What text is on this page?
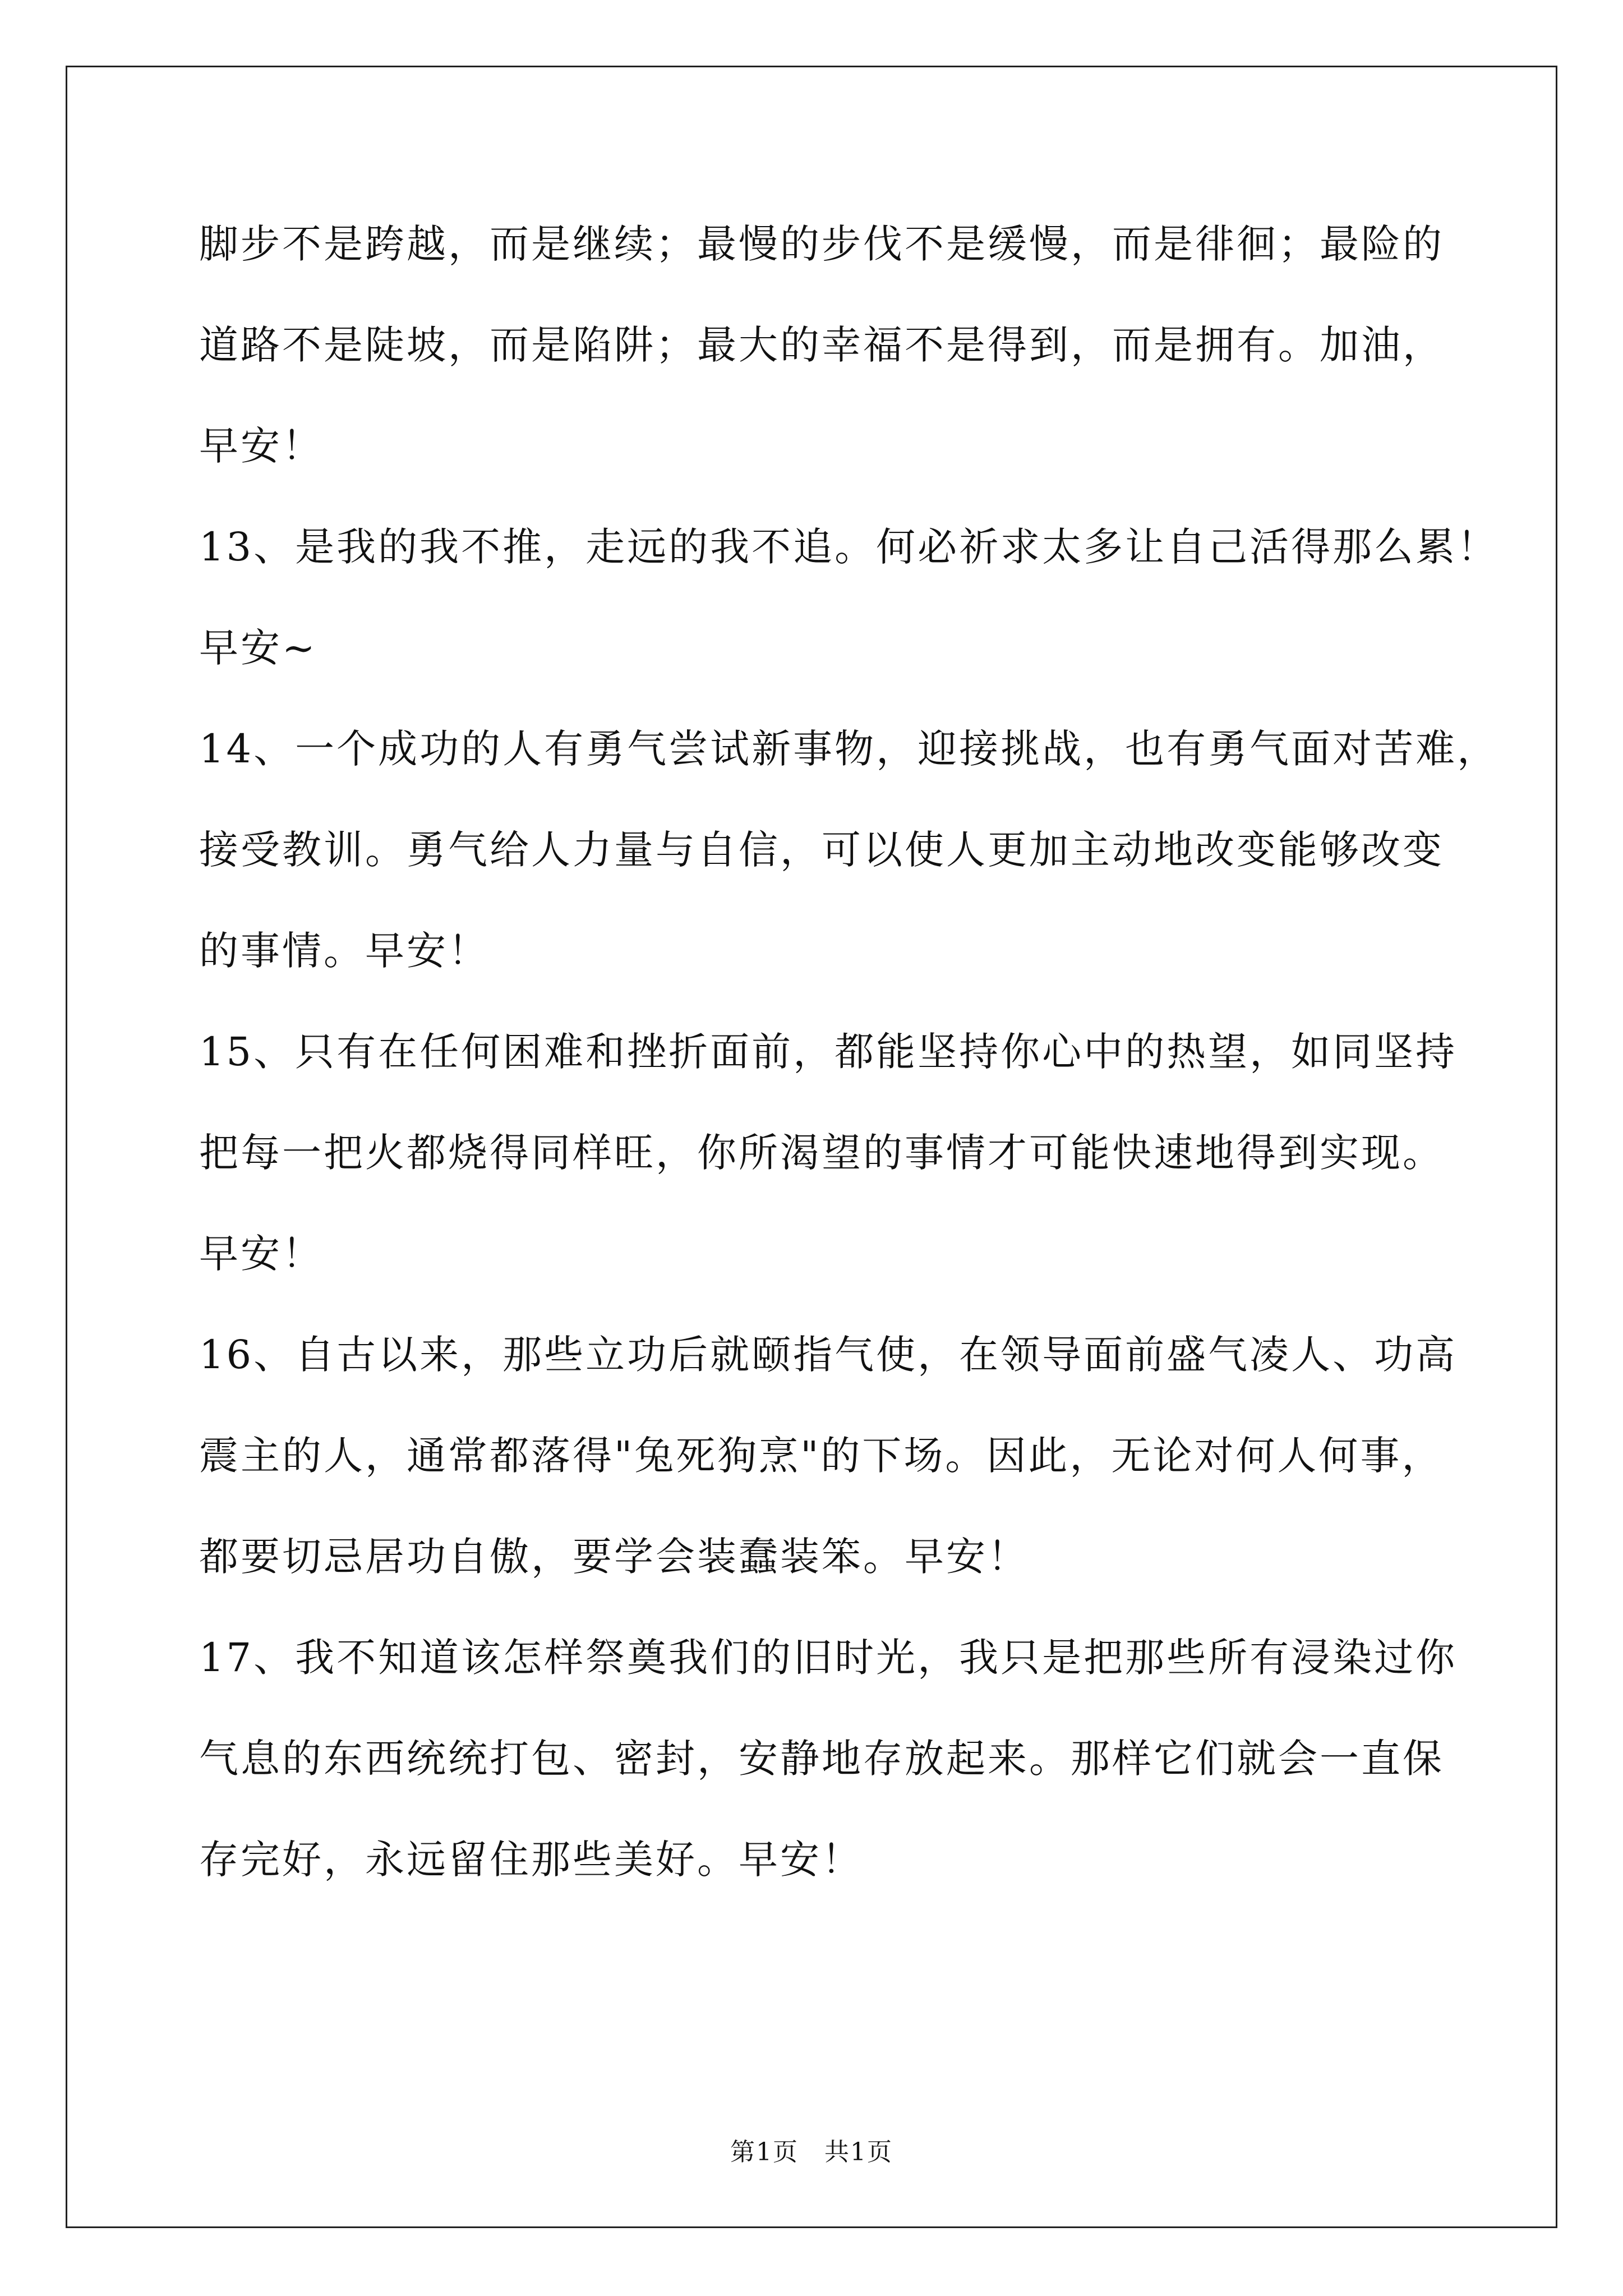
脚步不是跨越，而是继续；最慢的步伐不是缓慢，而是徘徊；最险的
道路不是陡坡，而是陷阱；最大的幸福不是得到，而是拥有。加油，
早安！
13、是我的我不推，走远的我不追。何必祈求太多让自己活得那么累！
早安~
14、一个成功的人有勇气尝试新事物，迎接挑战，也有勇气面对苦难，
接受教训。勇气给人力量与自信，可以使人更加主动地改变能够改变
的事情。早安！
15、只有在任何困难和挫折面前，都能坚持你心中的热望，如同坚持
把每一把火都烧得同样旺，你所渴望的事情才可能快速地得到实现。
早安！
16、自古以来，那些立功后就颐指气使，在领导面前盛气凌人、功高
震主的人，通常都落得"兔死狗烹"的下场。因此，无论对何人何事，
都要切忌居功自傲，要学会装蠢装笨。早安！
17、我不知道该怎样祭奠我们的旧时光，我只是把那些所有浸染过你
气息的东西统统打包、密封，安静地存放起来。那样它们就会一直保
存完好，永远留住那些美好。早安！
第1页　共1页
